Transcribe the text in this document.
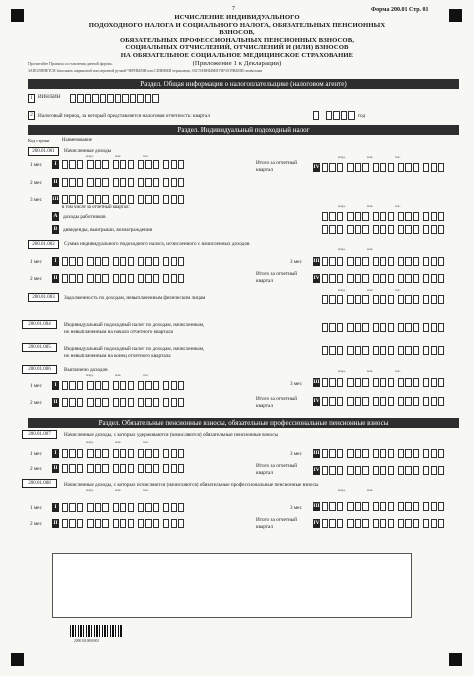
7	Форма 200.01 Стр. 01
ИСЧИСЛЕНИЕ ИНДИВИДУАЛЬНОГО
ПОДОХОДНОГО НАЛОГА И СОЦИАЛЬНОГО НАЛОГА, ОБЯЗАТЕЛЬНЫХ ПЕНСИОННЫХ ВЗНОСОВ,
ОБЯЗАТЕЛЬНЫХ ПРОФЕССИОНАЛЬНЫХ ПЕНСИОННЫХ ВЗНОСОВ,
СОЦИАЛЬНЫХ ОТЧИСЛЕНИЙ, ОТЧИСЛЕНИЙ И (ИЛИ) ВЗНОСОВ
НА ОБЯЗАТЕЛЬНОЕ СОЦИАЛЬНОЕ МЕДИЦИНСКОЕ СТРАХОВАНИЕ
(Приложение 1 к Декларации)
Прочитайте Правила составления данной формы.
ЗАПОЛНЯЕТСЯ Заполнять шариковой или перьевой ручкой ЧЕРНЫМИ или СИНИМИ чернилами, ЗАГЛАВНЫМИ ПЕЧАТНЫМИ символами
Раздел. Общая информация о налогоплательщике (налоговом агенте)
1	ИИН/БИН
2 Налоговый период, за который представляется налоговая отчетность: квартал	год
Раздел. Индивидуальный подоходный налог
Код строки	Наименование
200.01.001	Начисленные доходы
млрд.	млн.	тыс.
1 мес	I
2 мес II
3 мес III
Итого за отчетный
квартал	IV
млрд.	млн.	тыс.
в том числе за отчетный квартал:	млрд.	млн.	тыс.
A доходы работников
B	дивиденды, выигрыши, вознаграждения
200.01.002	Сумма индивидуального подоходного налога, исчисленного с начисленных доходов
млрд.	млн.
1 мес	I
2 мес II
3 мес III
Итого за отчетный
квартал	IV
200.01.003	Задолженность по доходам, невыплаченным физическим лицам
млрд.	млн.	тыс.
200.01.004	Индивидуальный подоходный налог по доходам, начисленным,
но невыплаченным на начало отчетного квартала
200.01.005	Индивидуальный подоходный налог по доходам, начисленным,
но невыплаченным на конец отчетного квартала
200.01.006	Выплачено доходов
млрд.	млн.	тыс.
млрд.	млн.	тыс.
1 мес	I
2 мес II
3 мес III
Итого за отчетный
квартал
IV
Раздел. Обязательные пенсионные взносы, обязательные профессиональные пенсионные взносы
200.01.007	Начисленные доходы, с которых удерживаются (начисляются) обязательные пенсионные взносы
млрд.	млн.	тыс.
1 мес	I
2 мес II
3 мес III
Итого за отчетный
квартал	IV
200.01.008	Начисленные доходы, с которых исчисляются (начисляются) обязательные профессиональные пенсионные взносы
млрд.	млн.	тыс.	млрд.	млн.
1 мес	I
2 мес II
3 мес III
Итого за отчетный
квартал
IV
20001010000001
